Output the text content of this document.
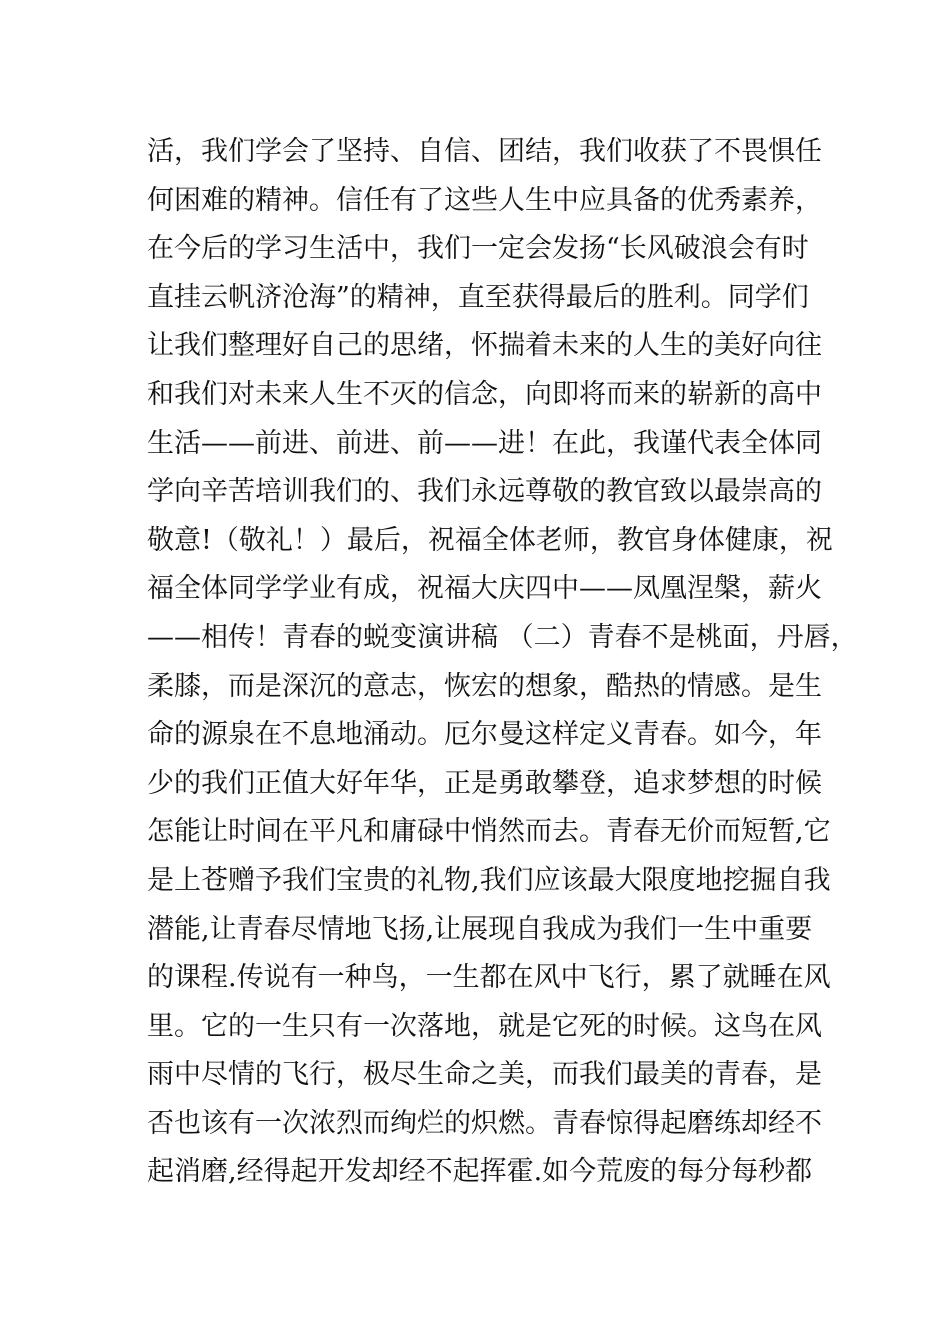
活，我们学会了坚持、自信、团结，我们收获了不畏惧任
何困难的精神。信任有了这些人生中应具备的优秀素养，
在今后的学习生活中，我们一定会发扬“长风破浪会有时
直挂云帆济沧海”的精神，直至获得最后的胜利。同学们
让我们整理好自己的思绪，怀揣着未来的人生的美好向往
和我们对未来人生不灭的信念，向即将而来的崭新的高中
生活——前进、前进、前——进！在此，我谨代表全体同
学向辛苦培训我们的、我们永远尊敬的教官致以最崇高的
敬意!（敬礼！）最后，祝福全体老师，教官身体健康，祝
福全体同学学业有成，祝福大庆四中——凤凰涅槃，薪火
——相传！青春的蜕变演讲稿 （二）青春不是桃面，丹唇，
柔膝，而是深沉的意志，恢宏的想象，酷热的情感。是生
命的源泉在不息地涌动。厄尔曼这样定义青春。如今，年
少的我们正值大好年华，正是勇敢攀登，追求梦想的时候
怎能让时间在平凡和庸碌中悄然而去。青春无价而短暂,它
是上苍赠予我们宝贵的礼物,我们应该最大限度地挖掘自我
潜能,让青春尽情地飞扬,让展现自我成为我们一生中重要
的课程.传说有一种鸟，一生都在风中飞行，累了就睡在风
里。它的一生只有一次落地，就是它死的时候。这鸟在风
雨中尽情的飞行，极尽生命之美，而我们最美的青春，是
否也该有一次浓烈而绚烂的炽燃。青春惊得起磨练却经不
起消磨,经得起开发却经不起挥霍.如今荒废的每分每秒都
